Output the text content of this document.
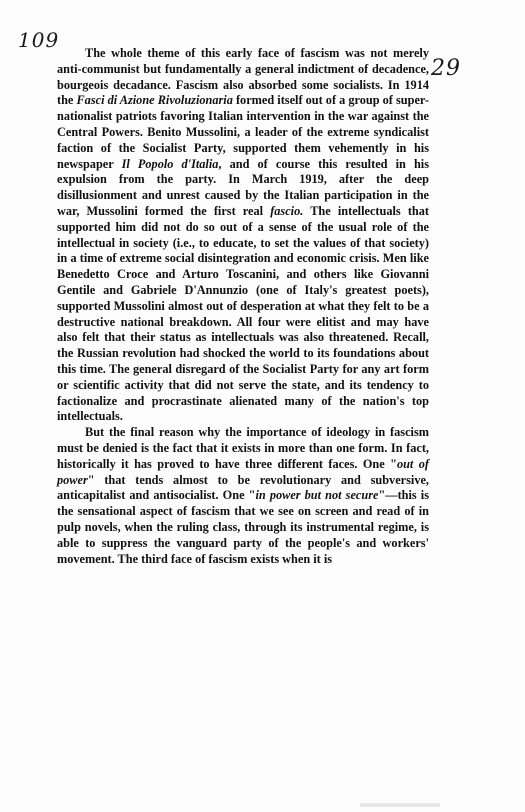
109
29

The whole theme of this early face of fascism was not merely anti-communist but fundamentally a general indictment of decadence, bourgeois decadance. Fascism also absorbed some socialists. In 1914 the Fasci di Azione Rivoluzionaria formed itself out of a group of super-nationalist patriots favoring Italian intervention in the war against the Central Powers. Benito Mussolini, a leader of the extreme syndicalist faction of the Socialist Party, supported them vehemently in his newspaper Il Popolo d'Italia, and of course this resulted in his expulsion from the party. In March 1919, after the deep disillusionment and unrest caused by the Italian participation in the war, Mussolini formed the first real fascio. The intellectuals that supported him did not do so out of a sense of the usual role of the intellectual in society (i.e., to educate, to set the values of that society) in a time of extreme social disintegration and economic crisis. Men like Benedetto Croce and Arturo Toscanini, and others like Giovanni Gentile and Gabriele D'Annunzio (one of Italy's greatest poets), supported Mussolini almost out of desperation at what they felt to be a destructive national breakdown. All four were elitist and may have also felt that their status as intellectuals was also threatened. Recall, the Russian revolution had shocked the world to its foundations about this time. The general disregard of the Socialist Party for any art form or scientific activity that did not serve the state, and its tendency to factionalize and procrastinate alienated many of the nation's top intellectuals.

But the final reason why the importance of ideology in fascism must be denied is the fact that it exists in more than one form. In fact, historically it has proved to have three different faces. One "out of power" that tends almost to be revolutionary and subversive, anticapitalist and antisocialist. One "in power but not secure"—this is the sensational aspect of fascism that we see on screen and read of in pulp novels, when the ruling class, through its instrumental regime, is able to suppress the vanguard party of the people's and workers' movement. The third face of fascism exists when it is
